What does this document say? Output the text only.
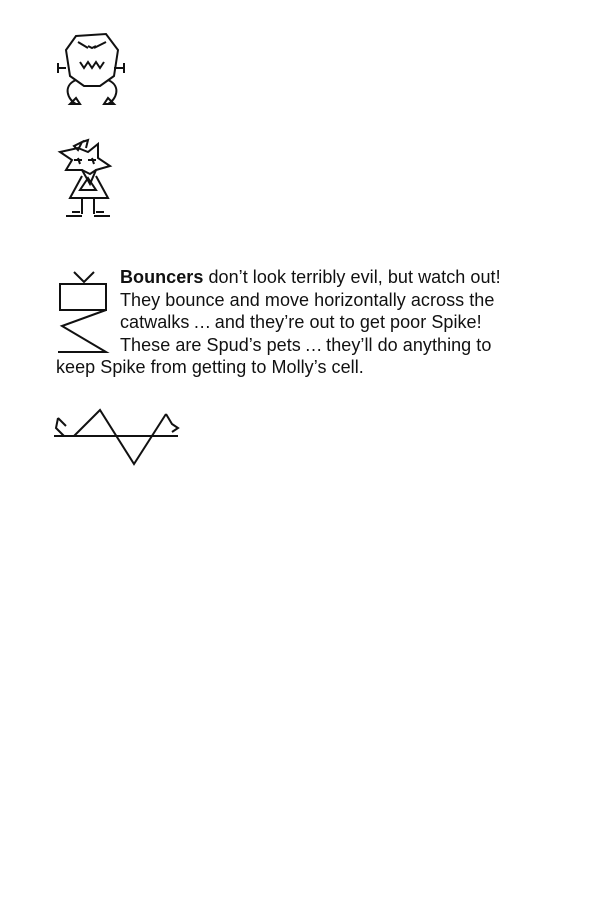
Bouncers don’t look terribly evil, but watch out!
They bounce and move horizontally across the
catwalks … and they’re out to get poor Spike!
These are Spud’s pets … they’ll do anything to
keep Spike from getting to Molly’s cell.
